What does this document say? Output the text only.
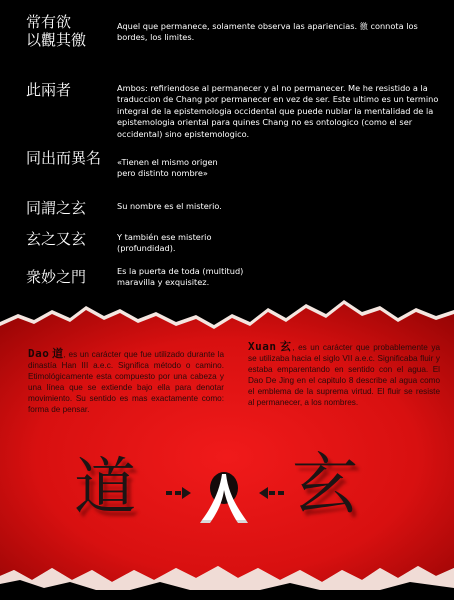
常有欲
以觀其徼
Aquel que permanece, solamente observa las apariencias. 徼 connota los bordes, los limites.
此兩者	Ambos: refiriendose al permanecer y al no permanecer. Me he resistido a la traduccion de Chang por permanecer en vez de ser. Este ultimo es un termino integral de la epistemologia occidental que puede nublar la mentalidad de la epistemologia oriental para quines Chang no es ontologico (como el ser occidental) sino epistemologico.
同出而異名 «Tienen el mismo origen
pero distinto nombre»
同謂之玄	Su nombre es el misterio.
玄之又玄	Y también ese misterio
(profundidad).
衆妙之門	Es la puerta de toda (multitud)
maravilla y exquisitez.
Dao 道, es un carácter que fue utilizado durante la dinastía Han III a.e.c. Significa método o camino. Etimológicamente esta compuesto por una cabeza y una línea que se extiende bajo ella para denotar movimiento. Su sentido es mas exactamente como: forma de pensar.
Xuan 玄, es un carácter que probablemente ya se utilizaba hacia el siglo VII a.e.c. Significaba fluir y estaba emparentando en sentido con el agua. El Dao De Jing en el capitulo 8 describe al agua como el emblema de la suprema virtud. El fluir se resiste al permanecer, a los nombres.
道 玄
